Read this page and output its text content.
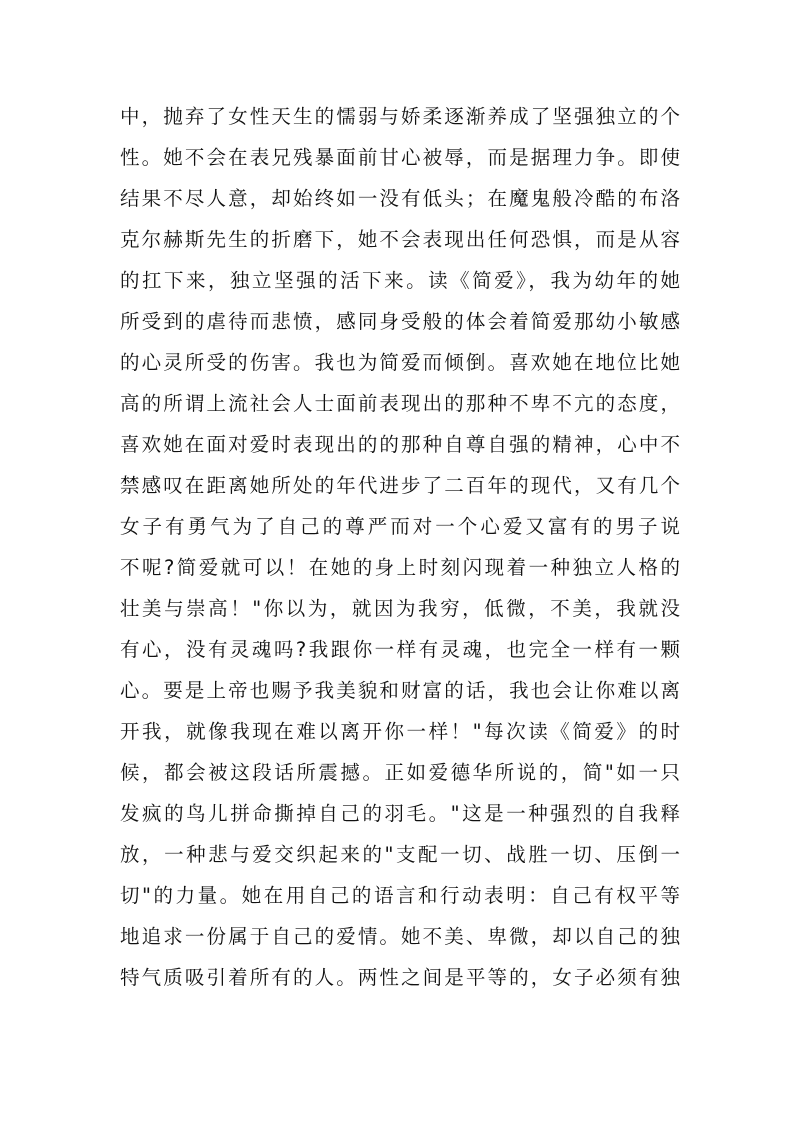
中，抛弃了女性天生的懦弱与娇柔逐渐养成了坚强独立的个
性。她不会在表兄残暴面前甘心被辱，而是据理力争。即使
结果不尽人意，却始终如一没有低头；在魔鬼般冷酷的布洛
克尔赫斯先生的折磨下，她不会表现出任何恐惧，而是从容
的扛下来，独立坚强的活下来。读《简爱》，我为幼年的她
所受到的虐待而悲愤，感同身受般的体会着简爱那幼小敏感
的心灵所受的伤害。我也为简爱而倾倒。喜欢她在地位比她
高的所谓上流社会人士面前表现出的那种不卑不亢的态度，
喜欢她在面对爱时表现出的的那种自尊自强的精神，心中不
禁感叹在距离她所处的年代进步了二百年的现代，又有几个
女子有勇气为了自己的尊严而对一个心爱又富有的男子说
不呢?简爱就可以！在她的身上时刻闪现着一种独立人格的
壮美与崇高！"你以为，就因为我穷，低微，不美，我就没
有心，没有灵魂吗?我跟你一样有灵魂，也完全一样有一颗
心。要是上帝也赐予我美貌和财富的话，我也会让你难以离
开我，就像我现在难以离开你一样！"每次读《简爱》的时
候，都会被这段话所震撼。正如爱德华所说的，简"如一只
发疯的鸟儿拼命撕掉自己的羽毛。"这是一种强烈的自我释
放，一种悲与爱交织起来的"支配一切、战胜一切、压倒一
切"的力量。她在用自己的语言和行动表明：自己有权平等
地追求一份属于自己的爱情。她不美、卑微，却以自己的独
特气质吸引着所有的人。两性之间是平等的，女子必须有独
